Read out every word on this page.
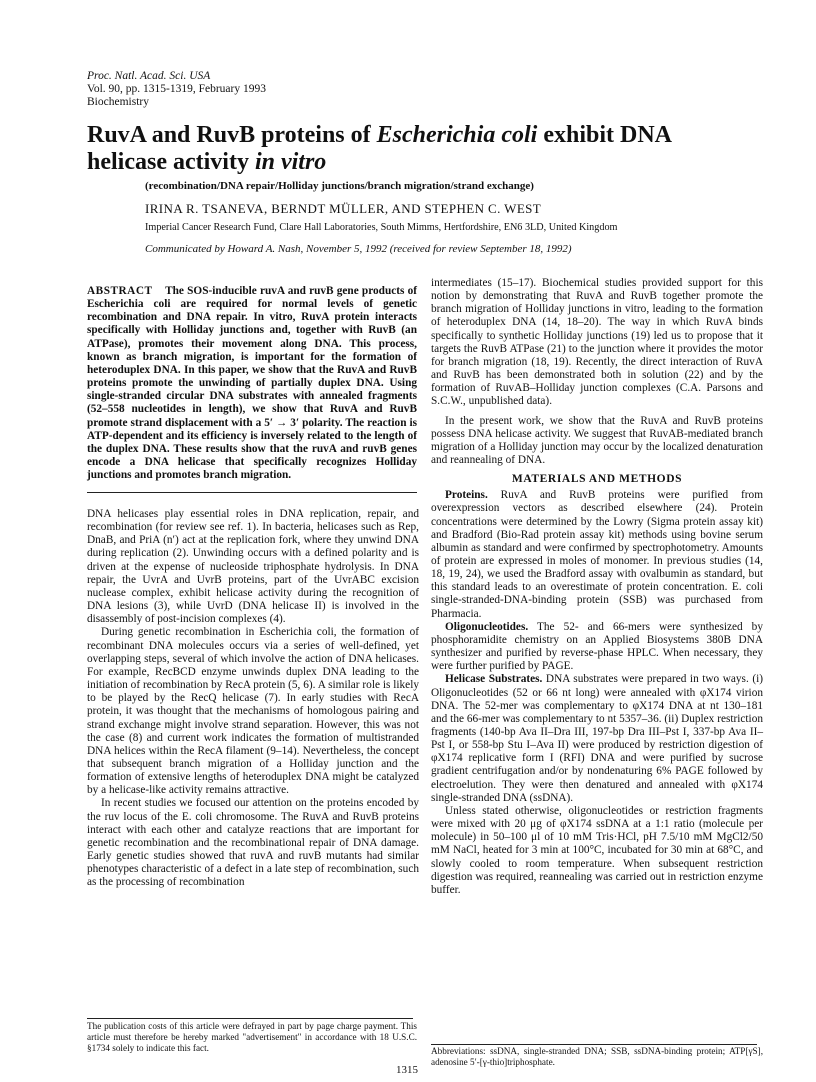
Proc. Natl. Acad. Sci. USA
Vol. 90, pp. 1315-1319, February 1993
Biochemistry
RuvA and RuvB proteins of Escherichia coli exhibit DNA helicase activity in vitro
(recombination/DNA repair/Holliday junctions/branch migration/strand exchange)
IRINA R. TSANEVA, BERNDT MÜLLER, AND STEPHEN C. WEST
Imperial Cancer Research Fund, Clare Hall Laboratories, South Mimms, Hertfordshire, EN6 3LD, United Kingdom
Communicated by Howard A. Nash, November 5, 1992 (received for review September 18, 1992)
ABSTRACT The SOS-inducible ruvA and ruvB gene products of Escherichia coli are required for normal levels of genetic recombination and DNA repair. In vitro, RuvA protein interacts specifically with Holliday junctions and, together with RuvB (an ATPase), promotes their movement along DNA. This process, known as branch migration, is important for the formation of heteroduplex DNA. In this paper, we show that the RuvA and RuvB proteins promote the unwinding of partially duplex DNA. Using single-stranded circular DNA substrates with annealed fragments (52–558 nucleotides in length), we show that RuvA and RuvB promote strand displacement with a 5′ → 3′ polarity. The reaction is ATP-dependent and its efficiency is inversely related to the length of the duplex DNA. These results show that the ruvA and ruvB genes encode a DNA helicase that specifically recognizes Holliday junctions and promotes branch migration.

DNA helicases play essential roles in DNA replication, repair, and recombination (for review see ref. 1). In bacteria, helicases such as Rep, DnaB, and PriA (n′) act at the replication fork, where they unwind DNA during replication (2). Unwinding occurs with a defined polarity and is driven at the expense of nucleoside triphosphate hydrolysis. In DNA repair, the UvrA and UvrB proteins, part of the UvrABC excision nuclease complex, exhibit helicase activity during the recognition of DNA lesions (3), while UvrD (DNA helicase II) is involved in the disassembly of post-incision complexes (4).

During genetic recombination in Escherichia coli, the formation of recombinant DNA molecules occurs via a series of well-defined, yet overlapping steps, several of which involve the action of DNA helicases. For example, RecBCD enzyme unwinds duplex DNA leading to the initiation of recombination by RecA protein (5, 6). A similar role is likely to be played by the RecQ helicase (7). In early studies with RecA protein, it was thought that the mechanisms of homologous pairing and strand exchange might involve strand separation. However, this was not the case (8) and current work indicates the formation of multistranded DNA helices within the RecA filament (9–14). Nevertheless, the concept that subsequent branch migration of a Holliday junction and the formation of extensive lengths of heteroduplex DNA might be catalyzed by a helicase-like activity remains attractive.

In recent studies we focused our attention on the proteins encoded by the ruv locus of the E. coli chromosome. The RuvA and RuvB proteins interact with each other and catalyze reactions that are important for genetic recombination and the recombinational repair of DNA damage. Early genetic studies showed that ruvA and ruvB mutants had similar phenotypes characteristic of a defect in a late step of recombination, such as the processing of recombination

The publication costs of this article were defrayed in part by page charge payment. This article must therefore be hereby marked "advertisement" in accordance with 18 U.S.C. §1734 solely to indicate this fact.

intermediates (15–17). Biochemical studies provided support for this notion by demonstrating that RuvA and RuvB together promote the branch migration of Holliday junctions in vitro, leading to the formation of heteroduplex DNA (14, 18–20). The way in which RuvA binds specifically to synthetic Holliday junctions (19) led us to propose that it targets the RuvB ATPase (21) to the junction where it provides the motor for branch migration (18, 19). Recently, the direct interaction of RuvA and RuvB has been demonstrated both in solution (22) and by the formation of RuvAB–Holliday junction complexes (C.A. Parsons and S.C.W., unpublished data).

In the present work, we show that the RuvA and RuvB proteins possess DNA helicase activity. We suggest that RuvAB-mediated branch migration of a Holliday junction may occur by the localized denaturation and reannealing of DNA.

MATERIALS AND METHODS

Proteins. RuvA and RuvB proteins were purified from overexpression vectors as described elsewhere (24). Protein concentrations were determined by the Lowry (Sigma protein assay kit) and Bradford (Bio-Rad protein assay kit) methods using bovine serum albumin as standard and were confirmed by spectrophotometry. Amounts of protein are expressed in moles of monomer. In previous studies (14, 18, 19, 24), we used the Bradford assay with ovalbumin as standard, but this standard leads to an overestimate of protein concentration. E. coli single-stranded-DNA-binding protein (SSB) was purchased from Pharmacia.

Oligonucleotides. The 52- and 66-mers were synthesized by phosphoramidite chemistry on an Applied Biosystems 380B DNA synthesizer and purified by reverse-phase HPLC. When necessary, they were further purified by PAGE.

Helicase Substrates. DNA substrates were prepared in two ways. (i) Oligonucleotides (52 or 66 nt long) were annealed with φX174 virion DNA. The 52-mer was complementary to φX174 DNA at nt 130–181 and the 66-mer was complementary to nt 5357–36. (ii) Duplex restriction fragments (140-bp Ava II–Dra III, 197-bp Dra III–Pst I, 337-bp Ava II–Pst I, or 558-bp Stu I–Ava II) were produced by restriction digestion of φX174 replicative form I (RFI) DNA and were purified by sucrose gradient centrifugation and/or by nondenaturing 6% PAGE followed by electroelution. They were then denatured and annealed with φX174 single-stranded DNA (ssDNA).

Unless stated otherwise, oligonucleotides or restriction fragments were mixed with 20 μg of φX174 ssDNA at a 1:1 ratio (molecule per molecule) in 50–100 μl of 10 mM Tris·HCl, pH 7.5/10 mM MgCl2/50 mM NaCl, heated for 3 min at 100°C, incubated for 30 min at 68°C, and slowly cooled to room temperature. When subsequent restriction digestion was required, reannealing was carried out in restriction enzyme buffer.

Abbreviations: ssDNA, single-stranded DNA; SSB, ssDNA-binding protein; ATP[γS], adenosine 5′-[γ-thio]triphosphate.
1315
